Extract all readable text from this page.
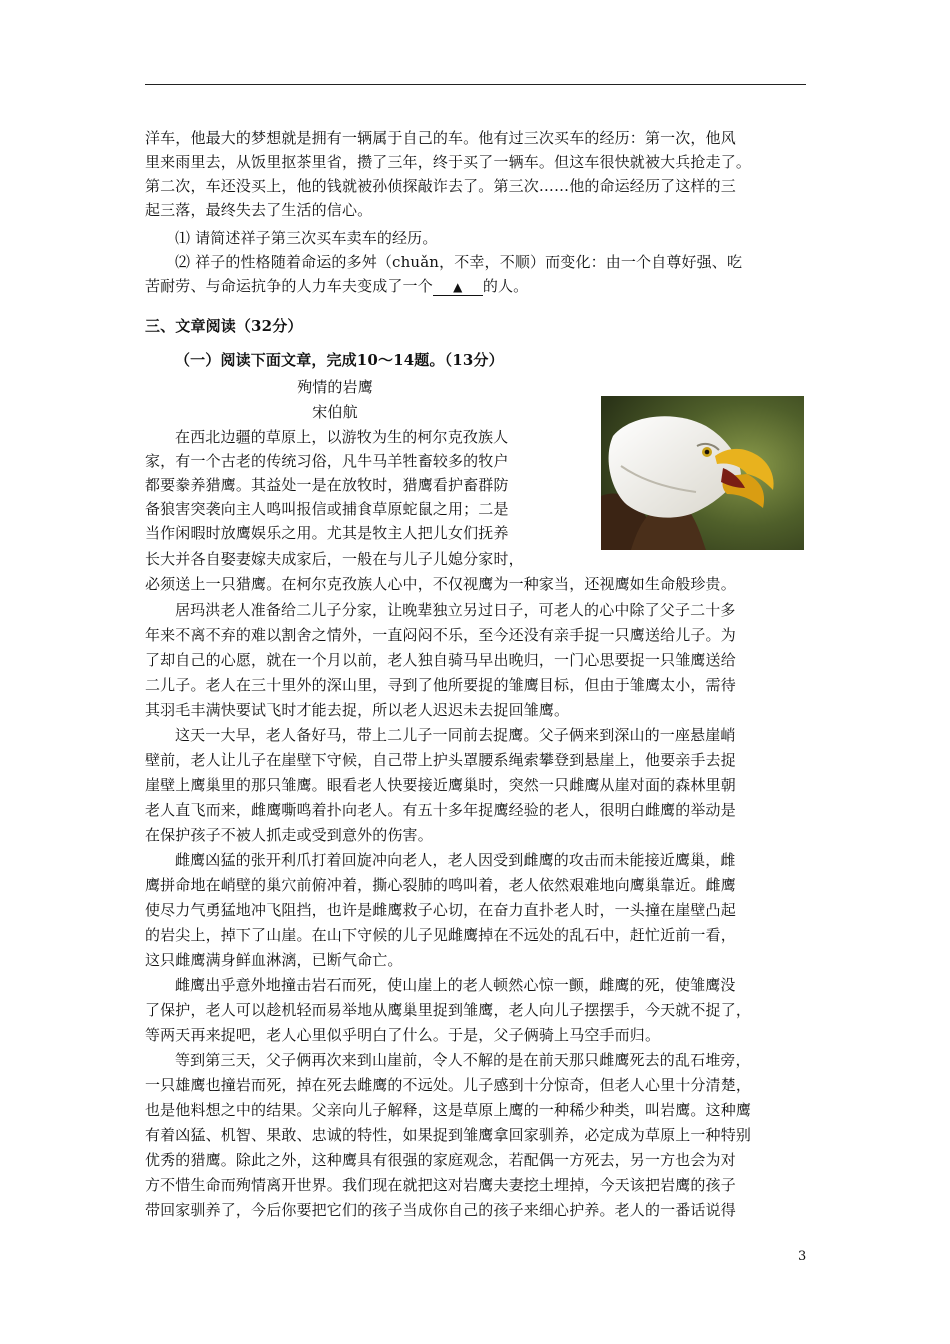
洋车，他最大的梦想就是拥有一辆属于自己的车。他有过三次买车的经历：第一次，他风
里来雨里去，从饭里抠茶里省，攒了三年，终于买了一辆车。但这车很快就被大兵抢走了。
第二次，车还没买上，他的钱就被孙侦探敲诈去了。第三次……他的命运经历了这样的三
起三落，最终失去了生活的信心。
⑴ 请简述祥子第三次买车卖车的经历。
⑵ 祥子的性格随着命运的多舛（chuǎn，不幸，不顺）而变化：由一个自尊好强、吃
苦耐劳、与命运抗争的人力车夫变成了一个 ▲ 的人。
三、文章阅读（32分）
（一）阅读下面文章，完成10～14题。（13分）
殉情的岩鹰
宋伯航
在西北边疆的草原上，以游牧为生的柯尔克孜族人
家，有一个古老的传统习俗，凡牛马羊牲畜较多的牧户
都要豢养猎鹰。其益处一是在放牧时，猎鹰看护畜群防
备狼害突袭向主人鸣叫报信或捕食草原蛇鼠之用；二是
当作闲暇时放鹰娱乐之用。尤其是牧主人把儿女们抚养
长大并各自娶妻嫁夫成家后，一般在与儿子儿媳分家时，
必须送上一只猎鹰。在柯尔克孜族人心中，不仅视鹰为一种家当，还视鹰如生命般珍贵。
居玛洪老人准备给二儿子分家，让晚辈独立另过日子，可老人的心中除了父子二十多
年来不离不弃的难以割舍之情外，一直闷闷不乐，至今还没有亲手捉一只鹰送给儿子。为
了却自己的心愿，就在一个月以前，老人独自骑马早出晚归，一门心思要捉一只雏鹰送给
二儿子。老人在三十里外的深山里，寻到了他所要捉的雏鹰目标，但由于雏鹰太小，需待
其羽毛丰满快要试飞时才能去捉，所以老人迟迟未去捉回雏鹰。
这天一大早，老人备好马，带上二儿子一同前去捉鹰。父子俩来到深山的一座悬崖峭
壁前，老人让儿子在崖壁下守候，自己带上护头罩腰系绳索攀登到悬崖上，他要亲手去捉
崖壁上鹰巢里的那只雏鹰。眼看老人快要接近鹰巢时，突然一只雌鹰从崖对面的森林里朝
老人直飞而来，雌鹰嘶鸣着扑向老人。有五十多年捉鹰经验的老人，很明白雌鹰的举动是
在保护孩子不被人抓走或受到意外的伤害。
雌鹰凶猛的张开利爪打着回旋冲向老人，老人因受到雌鹰的攻击而未能接近鹰巢，雌
鹰拼命地在峭壁的巢穴前俯冲着，撕心裂肺的鸣叫着，老人依然艰难地向鹰巢靠近。雌鹰
使尽力气勇猛地冲飞阻挡，也许是雌鹰救子心切，在奋力直扑老人时，一头撞在崖壁凸起
的岩尖上，掉下了山崖。在山下守候的儿子见雌鹰掉在不远处的乱石中，赶忙近前一看，
这只雌鹰满身鲜血淋漓，已断气命亡。
雌鹰出乎意外地撞击岩石而死，使山崖上的老人顿然心惊一颤，雌鹰的死，使雏鹰没
了保护，老人可以趁机轻而易举地从鹰巢里捉到雏鹰，老人向儿子摆摆手，今天就不捉了，
等两天再来捉吧，老人心里似乎明白了什么。于是，父子俩骑上马空手而归。
等到第三天，父子俩再次来到山崖前，令人不解的是在前天那只雌鹰死去的乱石堆旁，
一只雄鹰也撞岩而死，掉在死去雌鹰的不远处。儿子感到十分惊奇，但老人心里十分清楚，
也是他料想之中的结果。父亲向儿子解释，这是草原上鹰的一种稀少种类，叫岩鹰。这种鹰
有着凶猛、机智、果敢、忠诚的特性，如果捉到雏鹰拿回家驯养，必定成为草原上一种特别
优秀的猎鹰。除此之外，这种鹰具有很强的家庭观念，若配偶一方死去，另一方也会为对
方不惜生命而殉情离开世界。我们现在就把这对岩鹰夫妻挖土埋掉，今天该把岩鹰的孩子
带回家驯养了，今后你要把它们的孩子当成你自己的孩子来细心护养。老人的一番话说得
3
